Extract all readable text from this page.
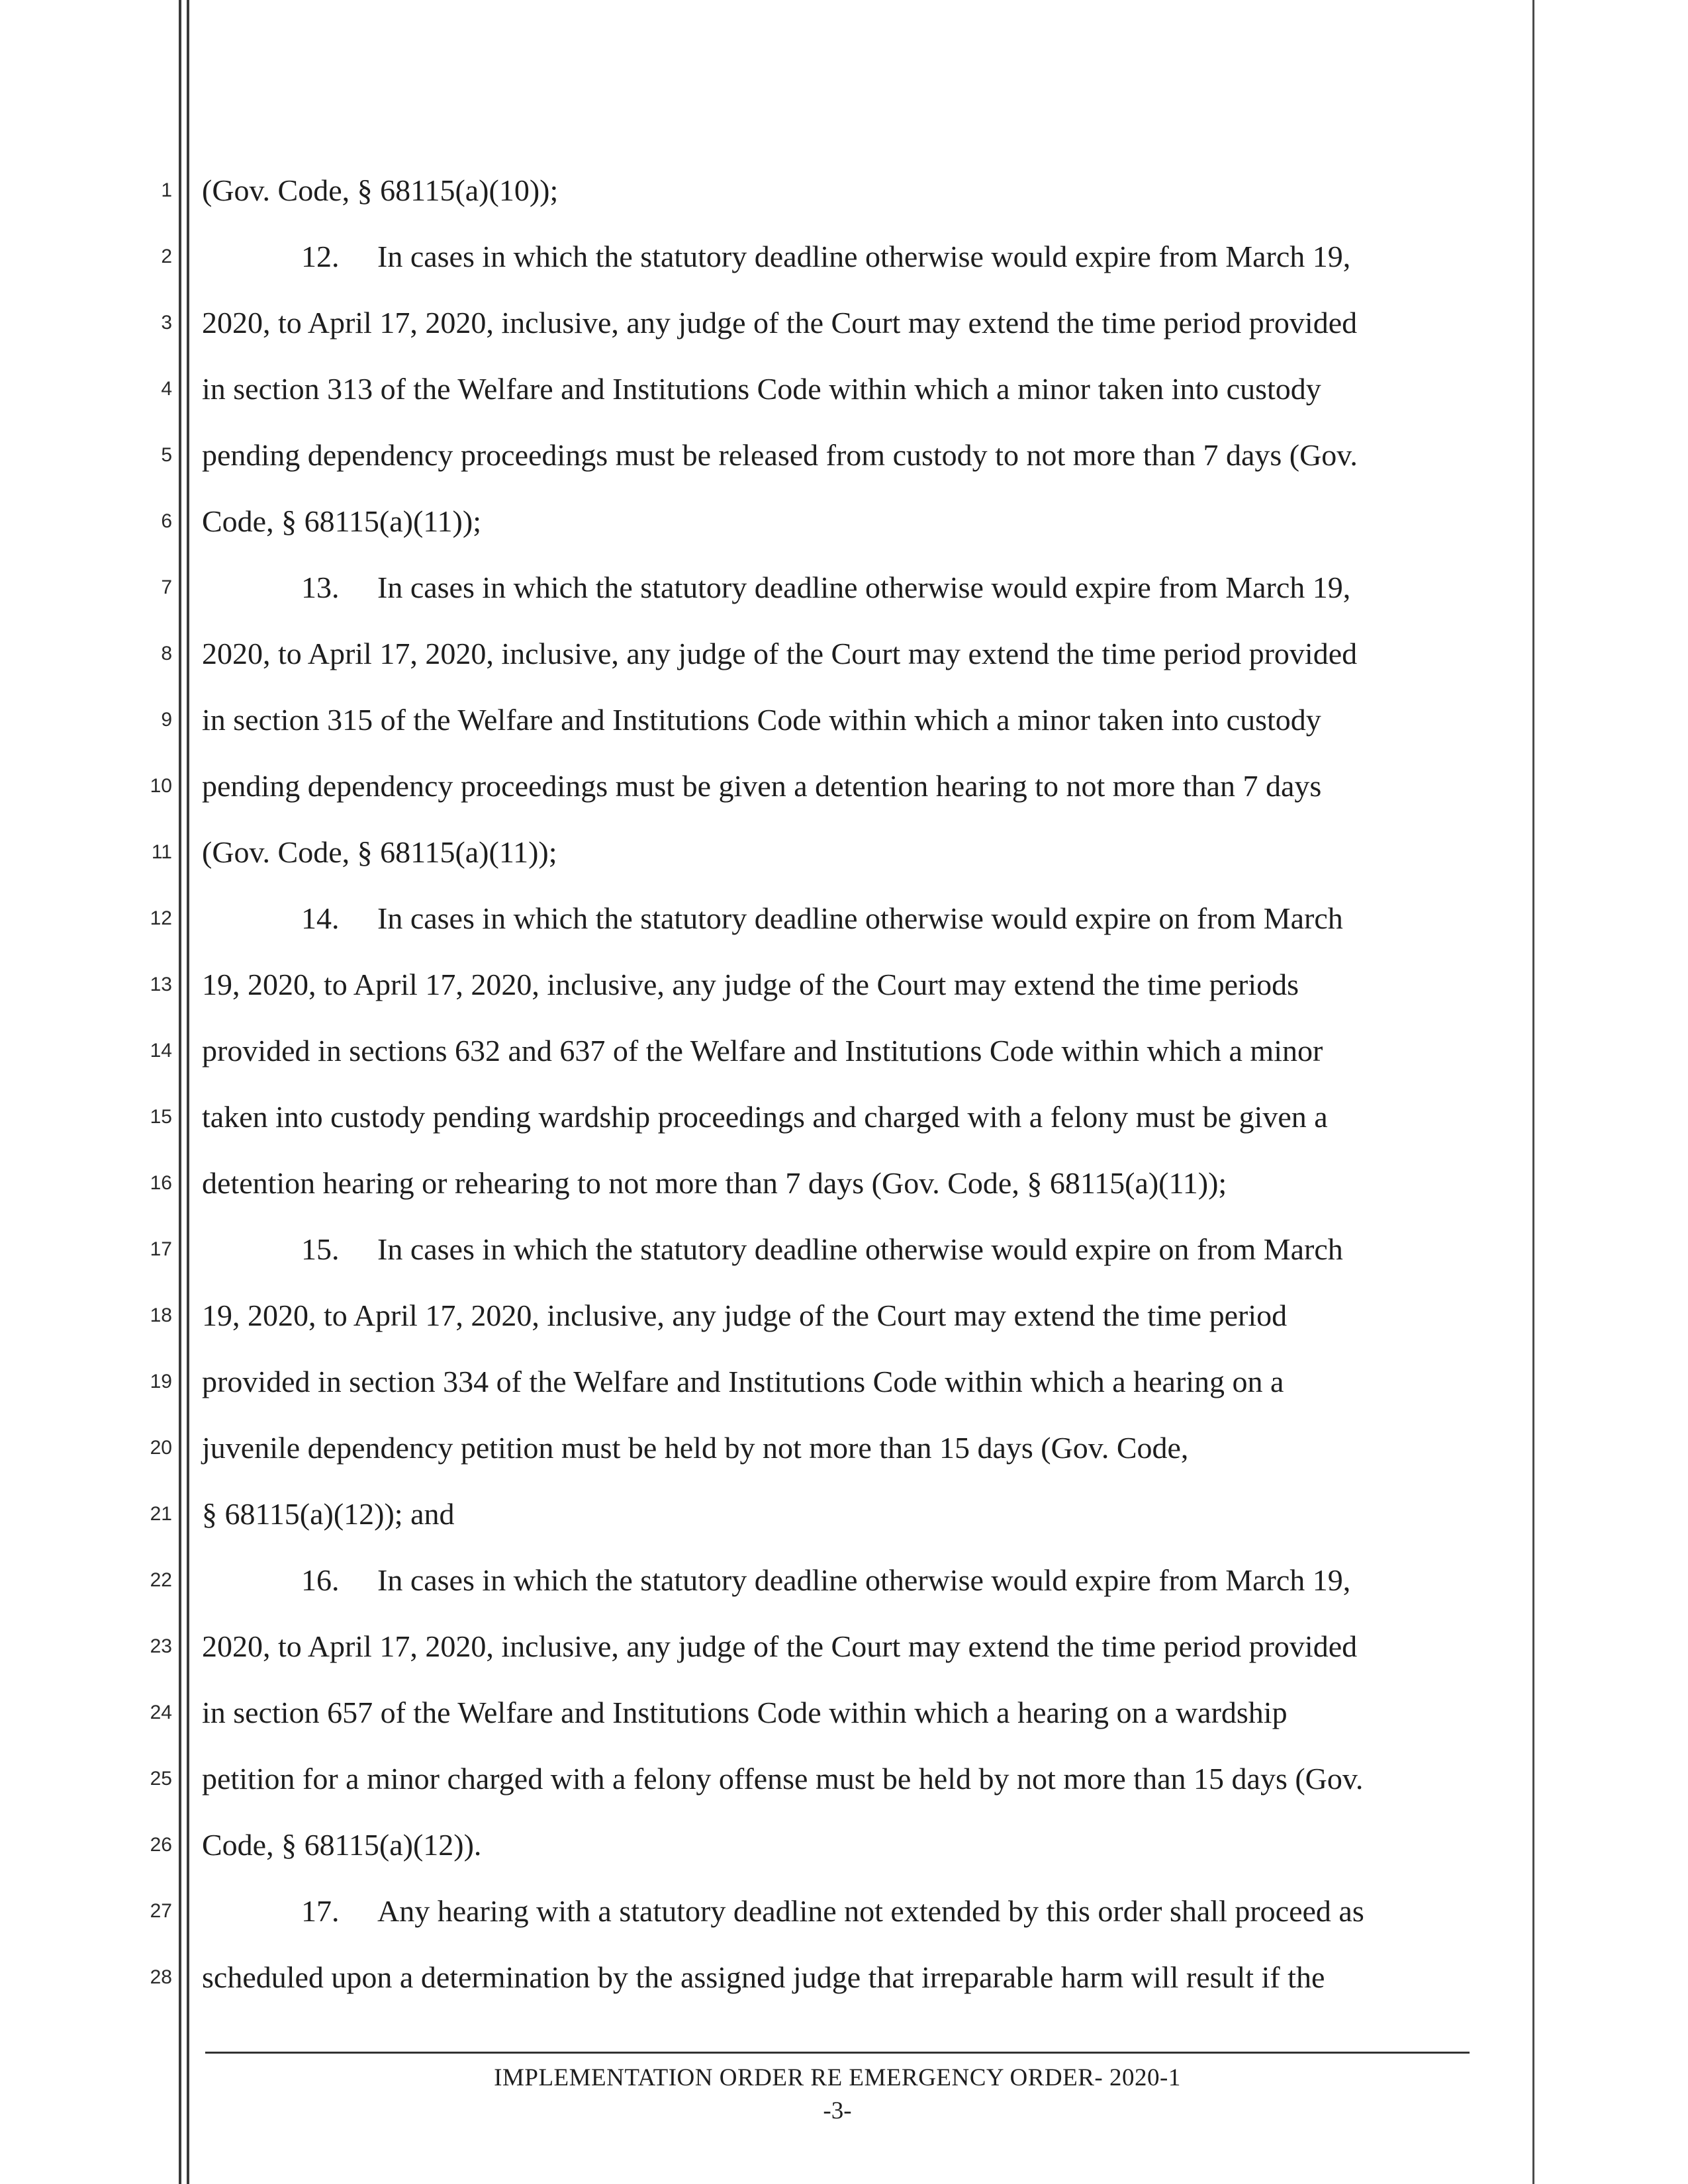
1
2
3
4
5
6
7
8
9
10
11
12
13
14
15
16
17
18
19
20
21
22
23
24
25
26
27
28
(Gov. Code, § 68115(a)(10));
12. In cases in which the statutory deadline otherwise would expire from March 19,
2020, to April 17, 2020, inclusive, any judge of the Court may extend the time period provided
in section 313 of the Welfare and Institutions Code within which a minor taken into custody
pending dependency proceedings must be released from custody to not more than 7 days (Gov.
Code, § 68115(a)(11));
13. In cases in which the statutory deadline otherwise would expire from March 19,
2020, to April 17, 2020, inclusive, any judge of the Court may extend the time period provided
in section 315 of the Welfare and Institutions Code within which a minor taken into custody
pending dependency proceedings must be given a detention hearing to not more than 7 days
(Gov. Code, § 68115(a)(11));
14. In cases in which the statutory deadline otherwise would expire on from March
19, 2020, to April 17, 2020, inclusive, any judge of the Court may extend the time periods
provided in sections 632 and 637 of the Welfare and Institutions Code within which a minor
taken into custody pending wardship proceedings and charged with a felony must be given a
detention hearing or rehearing to not more than 7 days (Gov. Code, § 68115(a)(11));
15. In cases in which the statutory deadline otherwise would expire on from March
19, 2020, to April 17, 2020, inclusive, any judge of the Court may extend the time period
provided in section 334 of the Welfare and Institutions Code within which a hearing on a
juvenile dependency petition must be held by not more than 15 days (Gov. Code,
§ 68115(a)(12)); and
16. In cases in which the statutory deadline otherwise would expire from March 19,
2020, to April 17, 2020, inclusive, any judge of the Court may extend the time period provided
in section 657 of the Welfare and Institutions Code within which a hearing on a wardship
petition for a minor charged with a felony offense must be held by not more than 15 days (Gov.
Code, § 68115(a)(12)).
17. Any hearing with a statutory deadline not extended by this order shall proceed as
scheduled upon a determination by the assigned judge that irreparable harm will result if the
IMPLEMENTATION ORDER RE EMERGENCY ORDER- 2020-1
-3-
